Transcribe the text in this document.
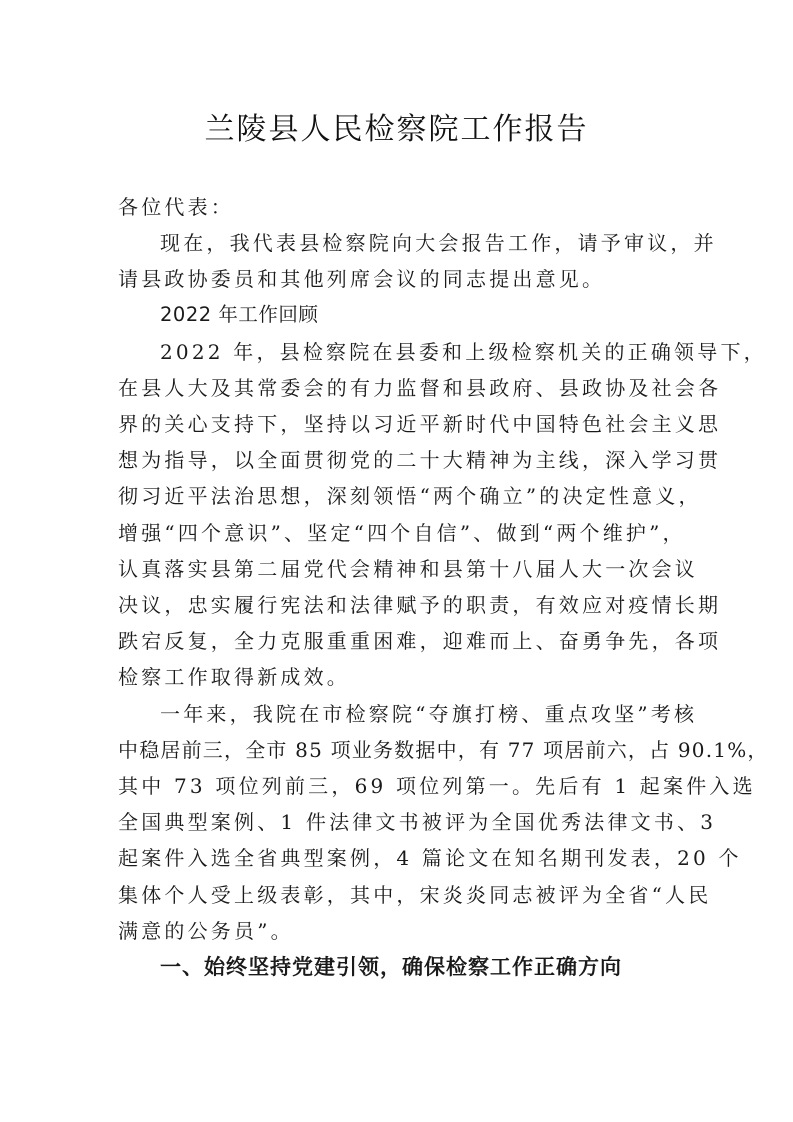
兰陵县人民检察院工作报告
各位代表：
现在，我代表县检察院向大会报告工作，请予审议，并
请县政协委员和其他列席会议的同志提出意见。
2022 年工作回顾
2022 年，县检察院在县委和上级检察机关的正确领导下，
在县人大及其常委会的有力监督和县政府、县政协及社会各
界的关心支持下，坚持以习近平新时代中国特色社会主义思
想为指导，以全面贯彻党的二十大精神为主线，深入学习贯
彻习近平法治思想，深刻领悟“两个确立”的决定性意义，
增强“四个意识”、坚定“四个自信”、做到“两个维护”，
认真落实县第二届党代会精神和县第十八届人大一次会议
决议，忠实履行宪法和法律赋予的职责，有效应对疫情长期
跌宕反复，全力克服重重困难，迎难而上、奋勇争先，各项
检察工作取得新成效。
一年来，我院在市检察院“夺旗打榜、重点攻坚”考核
中稳居前三，全市 85 项业务数据中，有 77 项居前六，占 90.1%，
其中 73 项位列前三，69 项位列第一。先后有 1 起案件入选
全国典型案例、1 件法律文书被评为全国优秀法律文书、3
起案件入选全省典型案例，4 篇论文在知名期刊发表，20 个
集体个人受上级表彰，其中，宋炎炎同志被评为全省“人民
满意的公务员”。
一、始终坚持党建引领，确保检察工作正确方向
